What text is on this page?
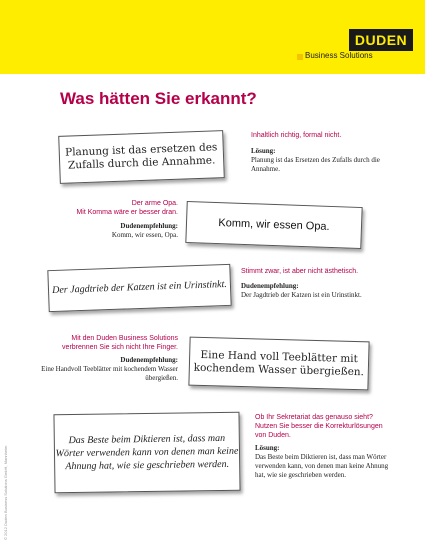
DUDEN
Business Solutions
Was hätten Sie erkannt?
Planung ist das ersetzen des Zufalls durch die Annahme.
Inhaltlich richtig, formal nicht.
Lösung:
Planung ist das Ersetzen des Zufalls durch die Annahme.
Der arme Opa.
Mit Komma wäre er besser dran.
Dudenempfehlung:
Komm, wir essen, Opa.
Komm, wir essen Opa.
Der Jagdtrieb der Katzen ist ein Urinstinkt.
Stimmt zwar, ist aber nicht ästhetisch.
Dudenempfehlung:
Der Jagdtrieb der Katzen ist ein Urinstinkt.
Mit den Duden Business Solutions
verbrennen Sie sich nicht Ihre Finger.
Dudenempfehlung:
Eine Handvoll Teeblätter mit kochendem Wasser übergießen.
Eine Hand voll Teeblätter mit kochendem Wasser übergießen.
Das Beste beim Diktieren ist, dass man Wörter verwenden kann von denen man keine Ahnung hat, wie sie geschrieben werden.
Ob Ihr Sekretariat das genauso sieht?
Nutzen Sie besser die Korrekturlösungen von Duden.
Lösung:
Das Beste beim Diktieren ist, dass man Wörter verwenden kann, von denen man keine Ahnung hat, wie sie geschrieben werden.
© 2012 Duden Business Solutions GmbH, Mannheim
